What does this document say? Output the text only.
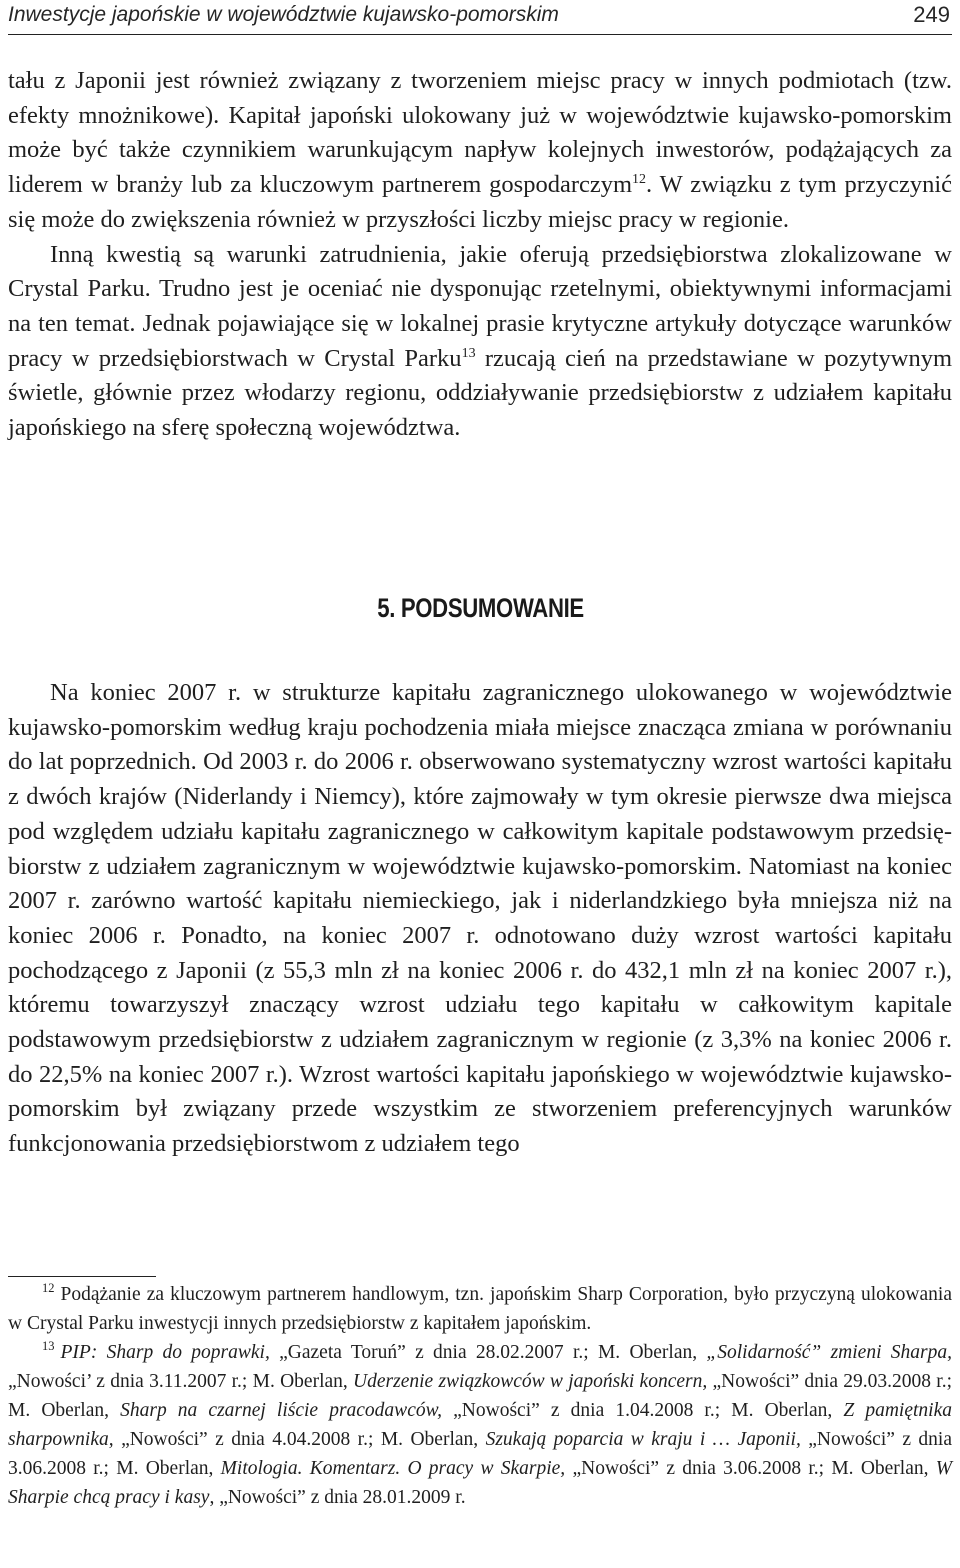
Inwestycje japońskie w województwie kujawsko-pomorskim	249

tału z Japonii jest również związany z tworzeniem miejsc pracy w innych podmiotach (tzw. efekty mnożnikowe). Kapitał japoński ulokowany już w województwie kujawsko-pomorskim może być także czynnikiem warunkującym napływ kolejnych inwestorów, podążających za liderem w branży lub za kluczowym partnerem gospodarczym$^{12}$. W związku z tym przyczynić się może do zwiększenia również w przyszłości liczby miejsc pracy w regionie.

Inną kwestią są warunki zatrudnienia, jakie oferują przedsiębiorstwa zlokalizowane w Crystal Parku. Trudno jest je oceniać nie dysponując rzetelnymi, obiektywnymi informacjami na ten temat. Jednak pojawiające się w lokalnej prasie krytyczne artykuły dotyczące warunków pracy w przedsiębiorstwach w Crystal Parku$^{13}$ rzucają cień na przedstawiane w pozytywnym świetle, głównie przez włodarzy regionu, oddziaływanie przedsiębiorstw z udziałem kapitału japońskiego na sferę społeczną województwa.

5. PODSUMOWANIE

Na koniec 2007 r. w strukturze kapitału zagranicznego ulokowanego w województwie kujawsko-pomorskim według kraju pochodzenia miała miejsce znacząca zmiana w porównaniu do lat poprzednich. Od 2003 r. do 2006 r. obserwowano systematyczny wzrost wartości kapitału z dwóch krajów (Niderlandy i Niemcy), które zajmowały w tym okresie pierwsze dwa miejsca pod względem udziału kapitału zagranicznego w całkowitym kapitale podstawowym przedsiębiorstw z udziałem zagranicznym w województwie kujawsko-pomorskim. Natomiast na koniec 2007 r. zarówno wartość kapitału niemieckiego, jak i niderlandzkiego była mniejsza niż na koniec 2006 r. Ponadto, na koniec 2007 r. odnotowano duży wzrost wartości kapitału pochodzącego z Japonii (z 55,3 mln zł na koniec 2006 r. do 432,1 mln zł na koniec 2007 r.), któremu towarzyszył znaczący wzrost udziału tego kapitału w całkowitym kapitale podstawowym przedsiębiorstw z udziałem zagranicznym w regionie (z 3,3% na koniec 2006 r. do 22,5% na koniec 2007 r.). Wzrost wartości kapitału japońskiego w województwie kujawsko-pomorskim był związany przede wszystkim ze stworzeniem preferencyjnych warunków funkcjonowania przedsiębiorstwom z udziałem tego

$^{12}$ Podążanie za kluczowym partnerem handlowym, tzn. japońskim Sharp Corporation, było przyczyną ulokowania w Crystal Parku inwestycji innych przedsiębiorstw z kapitałem japońskim.

$^{13}$ PIP: Sharp do poprawki, „Gazeta Toruń” z dnia 28.02.2007 r.; M. Oberlan, „Solidarność” zmieni Sharpa, „Nowości’ z dnia 3.11.2007 r.; M. Oberlan, Uderzenie związkowców w japoński koncern, „Nowości” dnia 29.03.2008 r.; M. Oberlan, Sharp na czarnej liście pracodawców, „Nowości” z dnia 1.04.2008 r.; M. Oberlan, Z pamiętnika sharpownika, „Nowości” z dnia 4.04.2008 r.; M. Oberlan, Szukają poparcia w kraju i … Japonii, „Nowości” z dnia 3.06.2008 r.; M. Oberlan, Mitologia. Komentarz. O pracy w Skarpie, „Nowości” z dnia 3.06.2008 r.; M. Oberlan, W Sharpie chcą pracy i kasy, „Nowości” z dnia 28.01.2009 r.
